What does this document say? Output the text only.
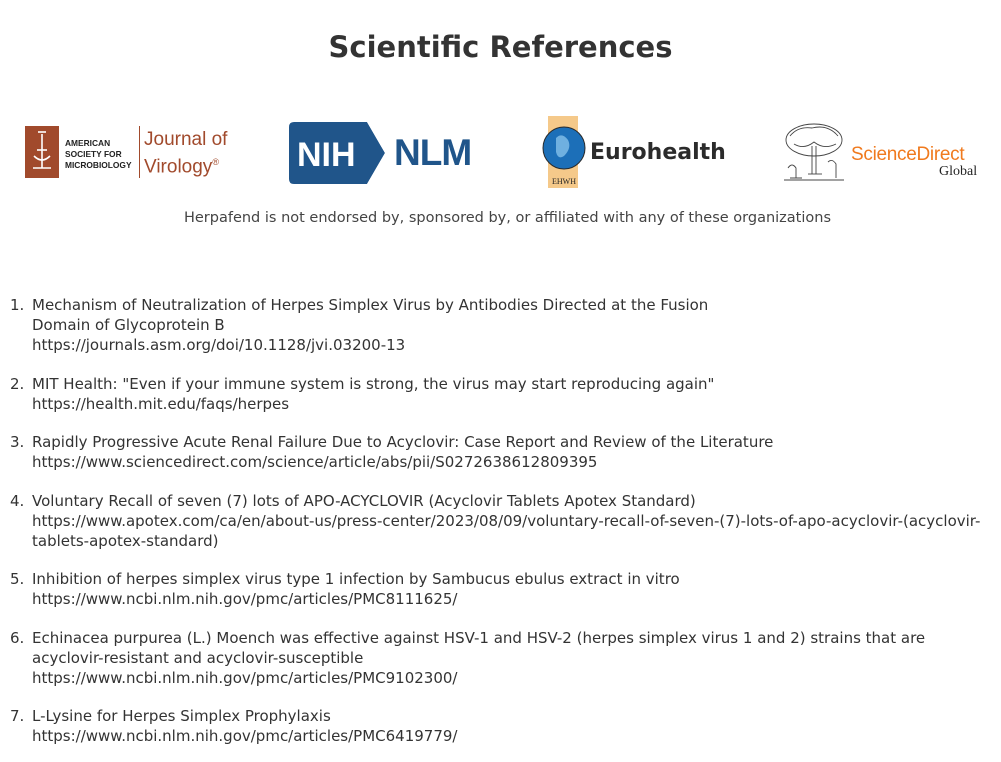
Scientific References
AMERICAN
SOCIETY FOR
MICROBIOLOGY
Journal of
Virology® NIH NLM
EHWH
Eurohealth	ScienceDirect
Global

Herpafend is not endorsed by, sponsored by, or affiliated with any of these organizations

1. Mechanism of Neutralization of Herpes Simplex Virus by Antibodies Directed at the Fusion Domain of Glycoprotein B
https://journals.asm.org/doi/10.1128/jvi.03200-13
2. MIT Health: "Even if your immune system is strong, the virus may start reproducing again"
https://health.mit.edu/faqs/herpes
3. Rapidly Progressive Acute Renal Failure Due to Acyclovir: Case Report and Review of the Literature
https://www.sciencedirect.com/science/article/abs/pii/S0272638612809395
4. Voluntary Recall of seven (7) lots of APO-ACYCLOVIR (Acyclovir Tablets Apotex Standard)
https://www.apotex.com/ca/en/about-us/press-center/2023/08/09/voluntary-recall-of-seven-(7)-lots-of-apo-acyclovir-(acyclovir-tablets-apotex-standard)
5. Inhibition of herpes simplex virus type 1 infection by Sambucus ebulus extract in vitro
https://www.ncbi.nlm.nih.gov/pmc/articles/PMC8111625/
6. Echinacea purpurea (L.) Moench was effective against HSV-1 and HSV-2 (herpes simplex virus 1 and 2) strains that are acyclovir-resistant and acyclovir-susceptible
https://www.ncbi.nlm.nih.gov/pmc/articles/PMC9102300/
7. L-Lysine for Herpes Simplex Prophylaxis
https://www.ncbi.nlm.nih.gov/pmc/articles/PMC6419779/
